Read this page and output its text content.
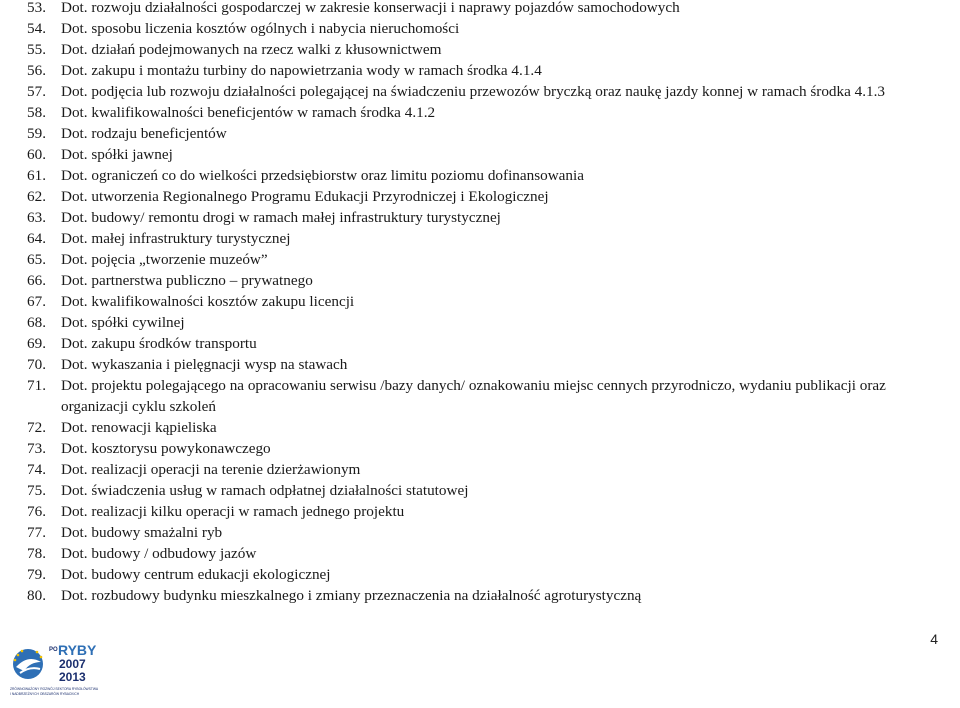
53. Dot. rozwoju działalności gospodarczej w zakresie konserwacji i naprawy pojazdów samochodowych
54. Dot. sposobu liczenia kosztów ogólnych i nabycia nieruchomości
55. Dot. działań podejmowanych na rzecz walki z kłusownictwem
56. Dot. zakupu i montażu turbiny do napowietrzania wody w ramach środka 4.1.4
57. Dot. podjęcia lub rozwoju działalności polegającej na świadczeniu przewozów bryczką oraz naukę jazdy konnej w ramach środka 4.1.3
58. Dot. kwalifikowalności beneficjentów w ramach środka 4.1.2
59. Dot. rodzaju beneficjentów
60. Dot. spółki jawnej
61. Dot. ograniczeń co do wielkości przedsiębiorstw oraz limitu poziomu dofinansowania
62. Dot. utworzenia Regionalnego Programu Edukacji Przyrodniczej i Ekologicznej
63. Dot. budowy/ remontu drogi w ramach małej infrastruktury turystycznej
64. Dot. małej infrastruktury turystycznej
65. Dot. pojęcia „tworzenie muzeów”
66. Dot. partnerstwa publiczno – prywatnego
67. Dot. kwalifikowalności kosztów zakupu licencji
68. Dot. spółki cywilnej
69. Dot. zakupu środków transportu
70. Dot. wykaszania i pielęgnacji wysp na stawach
71. Dot. projektu polegającego na opracowaniu serwisu /bazy danych/ oznakowaniu miejsc cennych przyrodniczo, wydaniu publikacji oraz organizacji cyklu szkoleń
72. Dot. renowacji kąpieliska
73. Dot. kosztorysu powykonawczego
74. Dot. realizacji operacji na terenie dzierżawionym
75. Dot. świadczenia usług w ramach odpłatnej działalności statutowej
76. Dot. realizacji kilku operacji w ramach jednego projektu
77. Dot. budowy smażalni ryb
78. Dot. budowy / odbudowy jazów
79. Dot. budowy centrum edukacji ekologicznej
80. Dot. rozbudowy budynku mieszkalnego i zmiany przeznaczenia na działalność agroturystyczną
4
PO RYBY
2007
2013
ZRÓWNOWAŻONY ROZWÓJ SEKTORA RYBOŁÓWSTWA
I NADBRZEŻNYCH OBSZARÓW RYBACKICH
